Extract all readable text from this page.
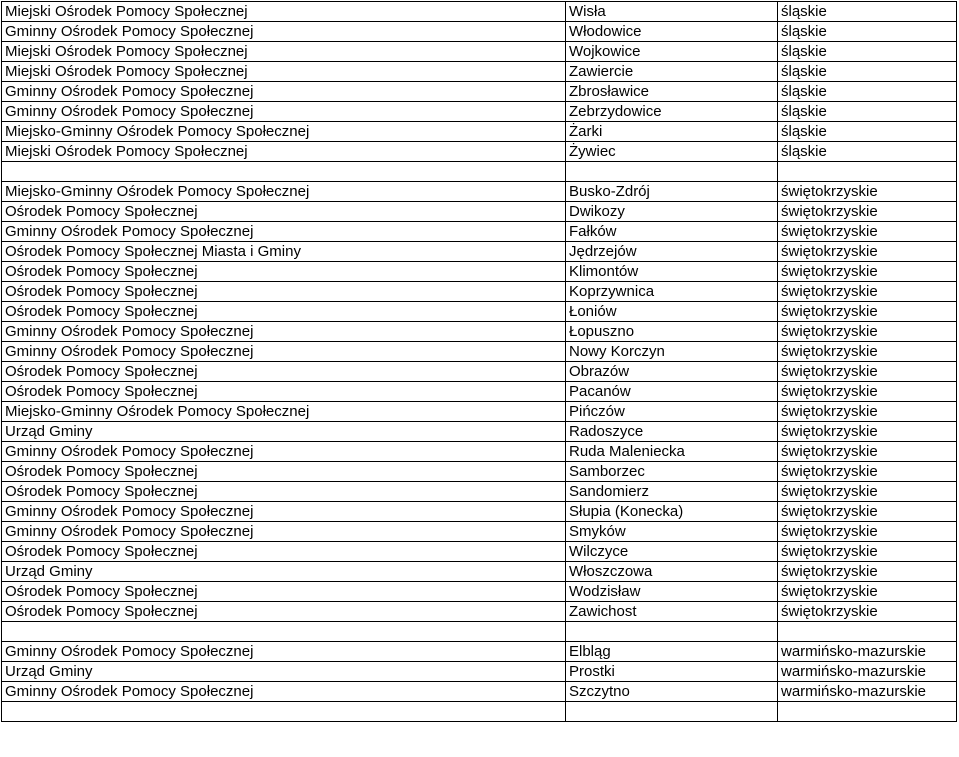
Miejski Ośrodek Pomocy Społecznej	Wisła	śląskie
Gminny Ośrodek Pomocy Społecznej	Włodowice	śląskie
Miejski Ośrodek Pomocy Społecznej	Wojkowice	śląskie
Miejski Ośrodek Pomocy Społecznej	Zawiercie	śląskie
Gminny Ośrodek Pomocy Społecznej	Zbrosławice	śląskie
Gminny Ośrodek Pomocy Społecznej	Zebrzydowice	śląskie
Miejsko-Gminny Ośrodek Pomocy Społecznej	Żarki	śląskie
Miejski Ośrodek Pomocy Społecznej	Żywiec	śląskie

Miejsko-Gminny Ośrodek Pomocy Społecznej	Busko-Zdrój	świętokrzyskie
Ośrodek Pomocy Społecznej	Dwikozy	świętokrzyskie
Gminny Ośrodek Pomocy Społecznej	Fałków	świętokrzyskie
Ośrodek Pomocy Społecznej Miasta i Gminy	Jędrzejów	świętokrzyskie
Ośrodek Pomocy Społecznej	Klimontów	świętokrzyskie
Ośrodek Pomocy Społecznej	Koprzywnica	świętokrzyskie
Ośrodek Pomocy Społecznej	Łoniów	świętokrzyskie
Gminny Ośrodek Pomocy Społecznej	Łopuszno	świętokrzyskie
Gminny Ośrodek Pomocy Społecznej	Nowy Korczyn	świętokrzyskie
Ośrodek Pomocy Społecznej	Obrazów	świętokrzyskie
Ośrodek Pomocy Społecznej	Pacanów	świętokrzyskie
Miejsko-Gminny Ośrodek Pomocy Społecznej	Pińczów	świętokrzyskie
Urząd Gminy	Radoszyce	świętokrzyskie
Gminny Ośrodek Pomocy Społecznej	Ruda Maleniecka	świętokrzyskie
Ośrodek Pomocy Społecznej	Samborzec	świętokrzyskie
Ośrodek Pomocy Społecznej	Sandomierz	świętokrzyskie
Gminny Ośrodek Pomocy Społecznej	Słupia (Konecka)	świętokrzyskie
Gminny Ośrodek Pomocy Społecznej	Smyków	świętokrzyskie
Ośrodek Pomocy Społecznej	Wilczyce	świętokrzyskie
Urząd Gminy	Włoszczowa	świętokrzyskie
Ośrodek Pomocy Społecznej	Wodzisław	świętokrzyskie
Ośrodek Pomocy Społecznej	Zawichost	świętokrzyskie

Gminny Ośrodek Pomocy Społecznej	Elbląg	warmińsko-mazurskie
Urząd Gminy	Prostki	warmińsko-mazurskie
Gminny Ośrodek Pomocy Społecznej	Szczytno	warmińsko-mazurskie
